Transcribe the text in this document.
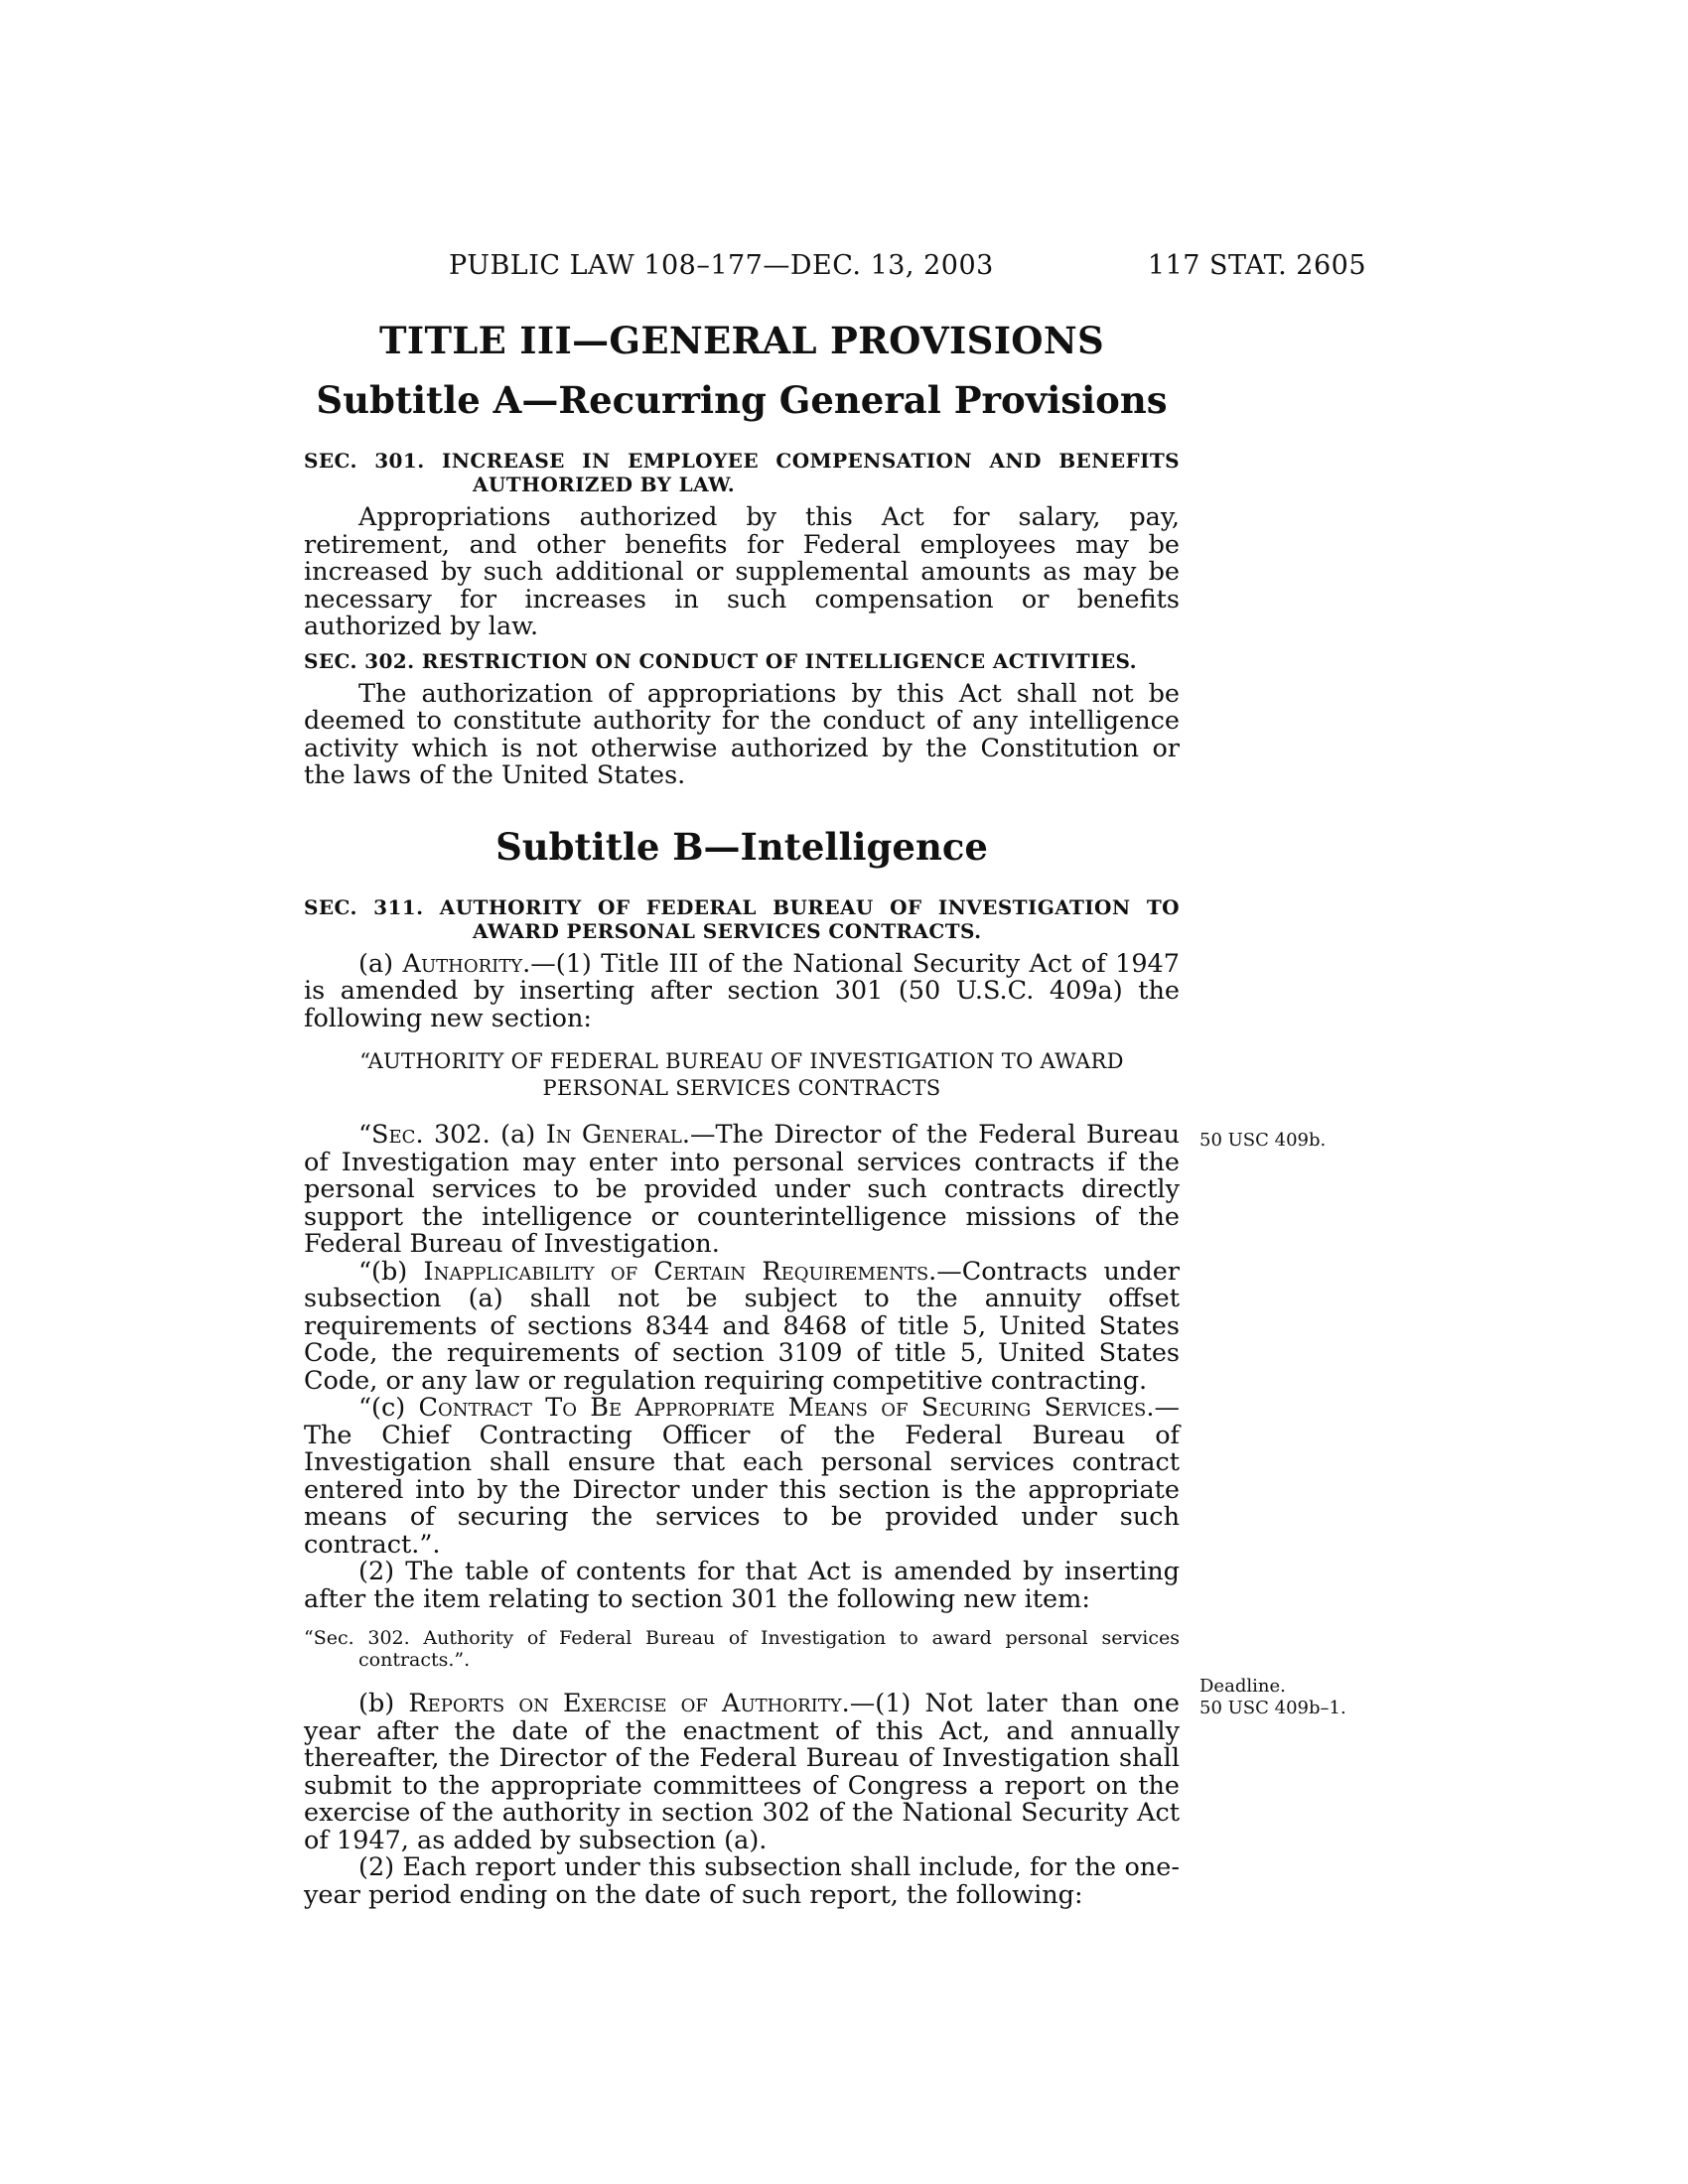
PUBLIC LAW 108–177—DEC. 13, 2003	117 STAT. 2605
TITLE III—GENERAL PROVISIONS
Subtitle A—Recurring General Provisions
SEC. 301. INCREASE IN EMPLOYEE COMPENSATION AND BENEFITS AUTHORIZED BY LAW.

Appropriations authorized by this Act for salary, pay, retirement, and other benefits for Federal employees may be increased by such additional or supplemental amounts as may be necessary for increases in such compensation or benefits authorized by law.

SEC. 302. RESTRICTION ON CONDUCT OF INTELLIGENCE ACTIVITIES.

The authorization of appropriations by this Act shall not be deemed to constitute authority for the conduct of any intelligence activity which is not otherwise authorized by the Constitution or the laws of the United States.

Subtitle B—Intelligence
SEC. 311. AUTHORITY OF FEDERAL BUREAU OF INVESTIGATION TO AWARD PERSONAL SERVICES CONTRACTS.

(a) Authority.—(1) Title III of the National Security Act of 1947 is amended by inserting after section 301 (50 U.S.C. 409a) the following new section:

“AUTHORITY OF FEDERAL BUREAU OF INVESTIGATION TO AWARD PERSONAL SERVICES CONTRACTS

“Sec. 302. (a) In General.—The Director of the Federal Bureau of Investigation may enter into personal services contracts if the personal services to be provided under such contracts directly support the intelligence or counterintelligence missions of the Federal Bureau of Investigation.

“(b) Inapplicability of Certain Requirements.—Contracts under subsection (a) shall not be subject to the annuity offset requirements of sections 8344 and 8468 of title 5, United States Code, the requirements of section 3109 of title 5, United States Code, or any law or regulation requiring competitive contracting.

“(c) Contract To Be Appropriate Means of Securing Services.—The Chief Contracting Officer of the Federal Bureau of Investigation shall ensure that each personal services contract entered into by the Director under this section is the appropriate means of securing the services to be provided under such contract.”.

(2) The table of contents for that Act is amended by inserting after the item relating to section 301 the following new item:

“Sec. 302. Authority of Federal Bureau of Investigation to award personal services contracts.”.

(b) Reports on Exercise of Authority.—(1) Not later than one year after the date of the enactment of this Act, and annually thereafter, the Director of the Federal Bureau of Investigation shall submit to the appropriate committees of Congress a report on the exercise of the authority in section 302 of the National Security Act of 1947, as added by subsection (a).

(2) Each report under this subsection shall include, for the one-year period ending on the date of such report, the following:

50 USC 409b.
Deadline.
50 USC 409b–1.
